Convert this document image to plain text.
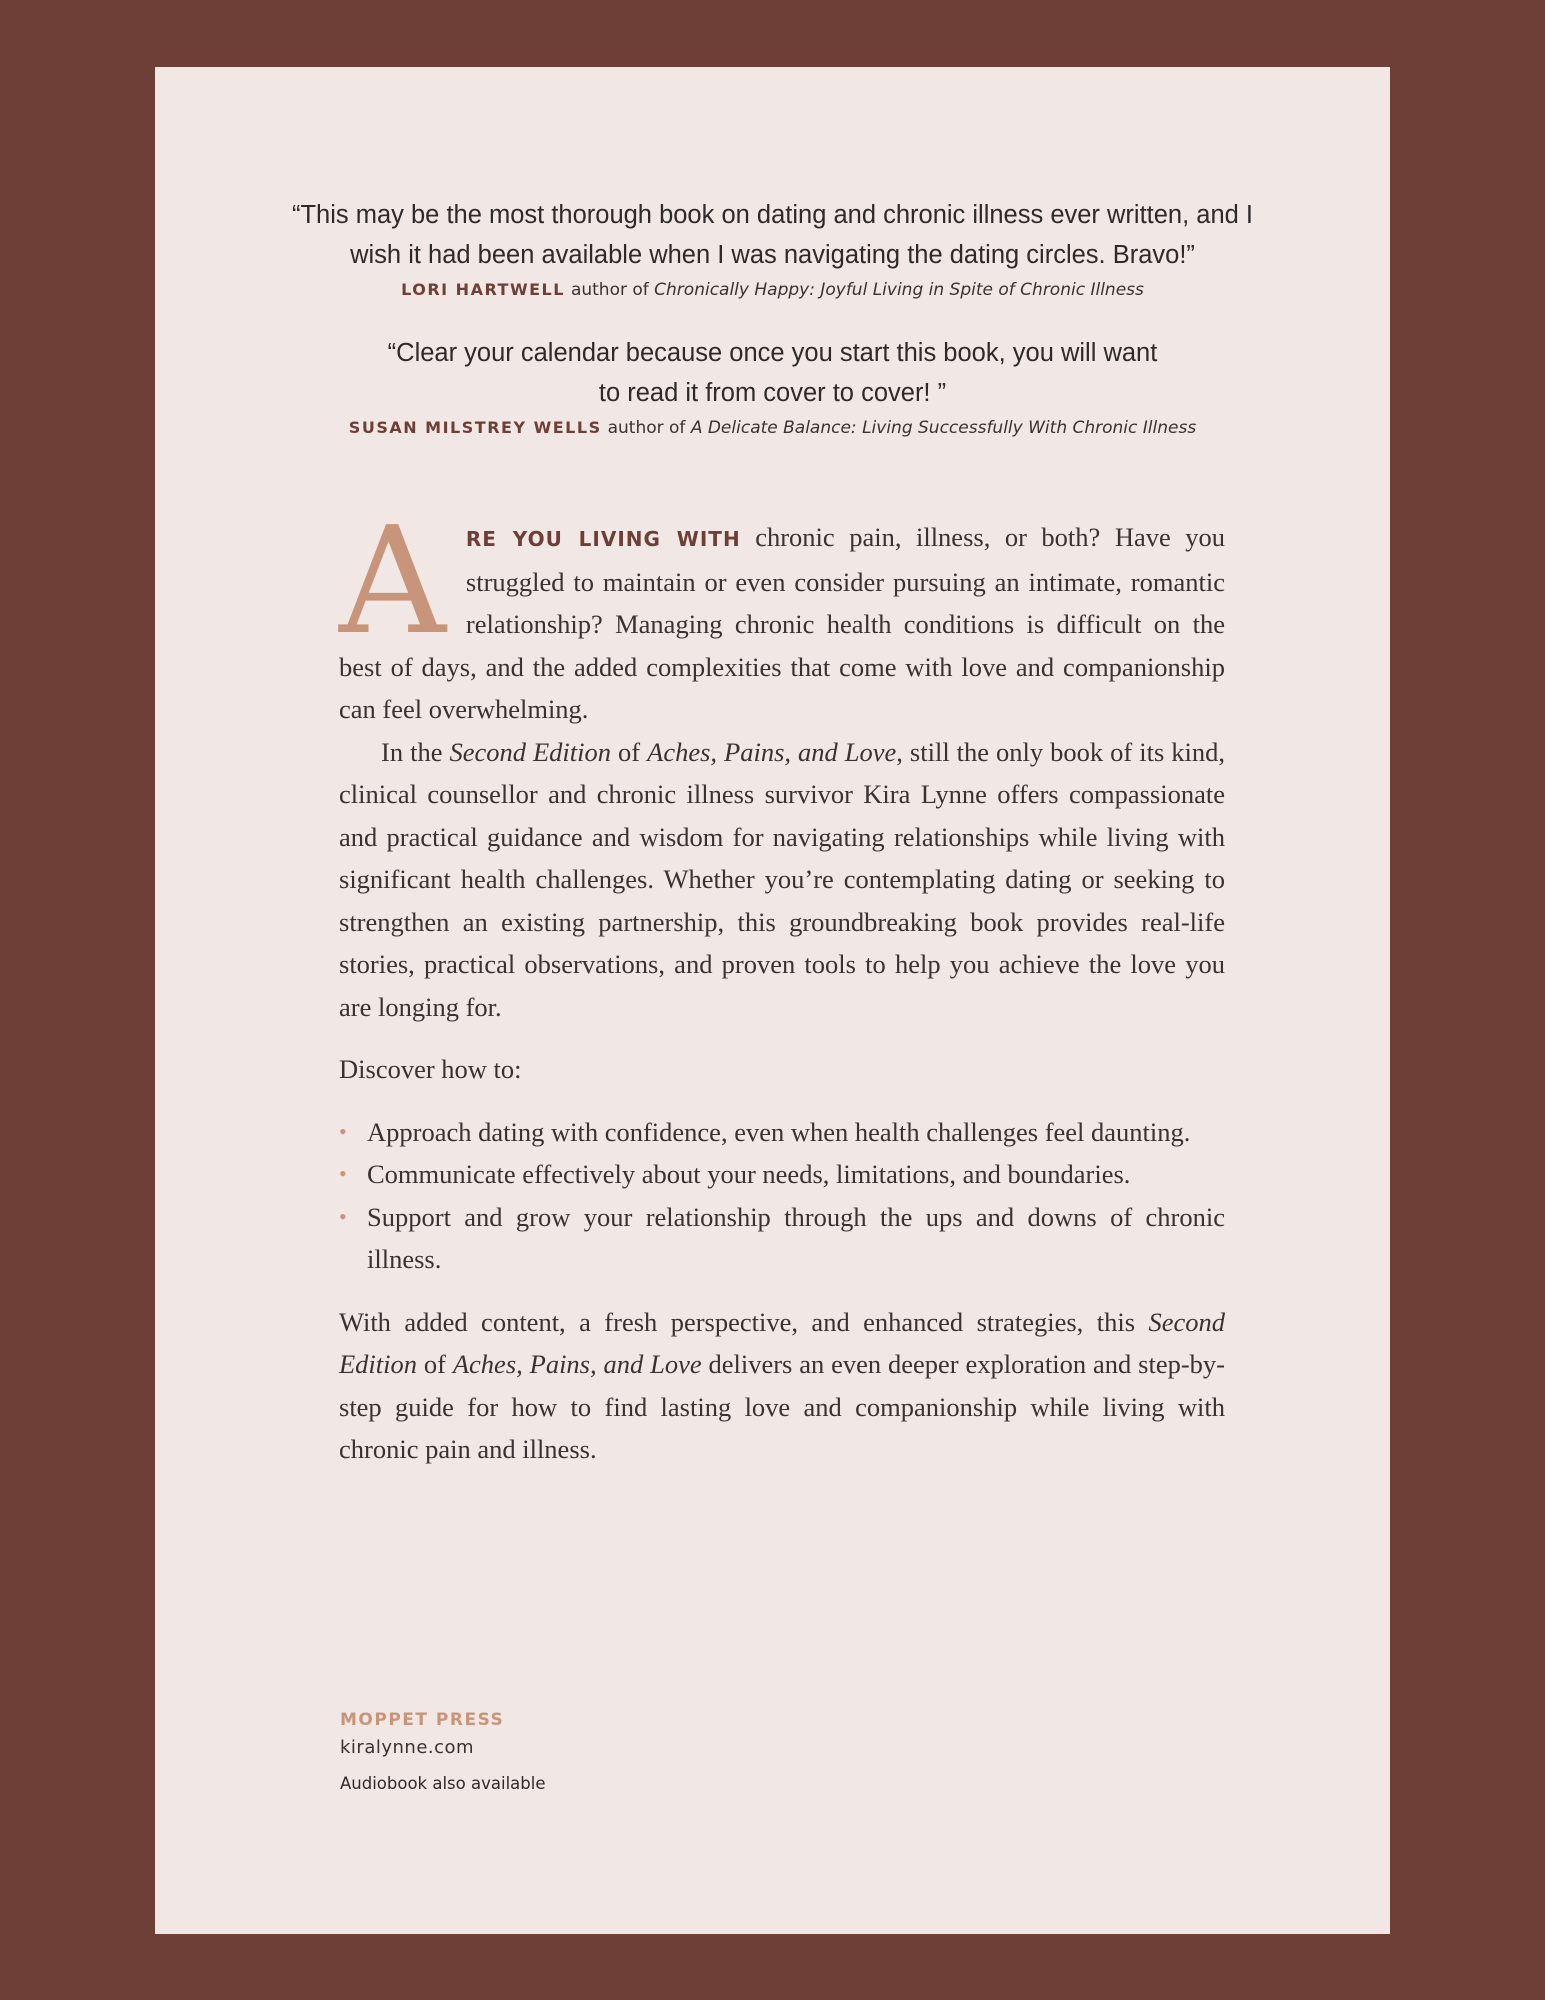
“This may be the most thorough book on dating and chronic illness ever written, and I wish it had been available when I was navigating the dating circles. Bravo!”

LORI HARTWELL author of Chronically Happy: Joyful Living in Spite of Chronic Illness

“Clear your calendar because once you start this book, you will want to read it from cover to cover! ”

SUSAN MILSTREY WELLS author of A Delicate Balance: Living Successfully With Chronic Illness

A RE YOU LIVING WITH chronic pain, illness, or both? Have you struggled to maintain or even consider pursuing an intimate, romantic relationship? Managing chronic health conditions is difficult on the best of days, and the added complexities that come with love and companionship can feel overwhelming.

In the Second Edition of Aches, Pains, and Love, still the only book of its kind, clinical counsellor and chronic illness survivor Kira Lynne offers compassionate and practical guidance and wisdom for navigating relationships while living with significant health challenges. Whether you’re contemplating dating or seeking to strengthen an existing partnership, this groundbreaking book provides real-life stories, practical observations, and proven tools to help you achieve the love you are longing for.

Discover how to:

• Approach dating with confidence, even when health challenges feel daunting.
• Communicate effectively about your needs, limitations, and boundaries.
• Support and grow your relationship through the ups and downs of chronic illness.

With added content, a fresh perspective, and enhanced strategies, this Second Edition of Aches, Pains, and Love delivers an even deeper exploration and step-by-step guide for how to find lasting love and companionship while living with chronic pain and illness.

MOPPET PRESS
kiralynne.com
Audiobook also available
